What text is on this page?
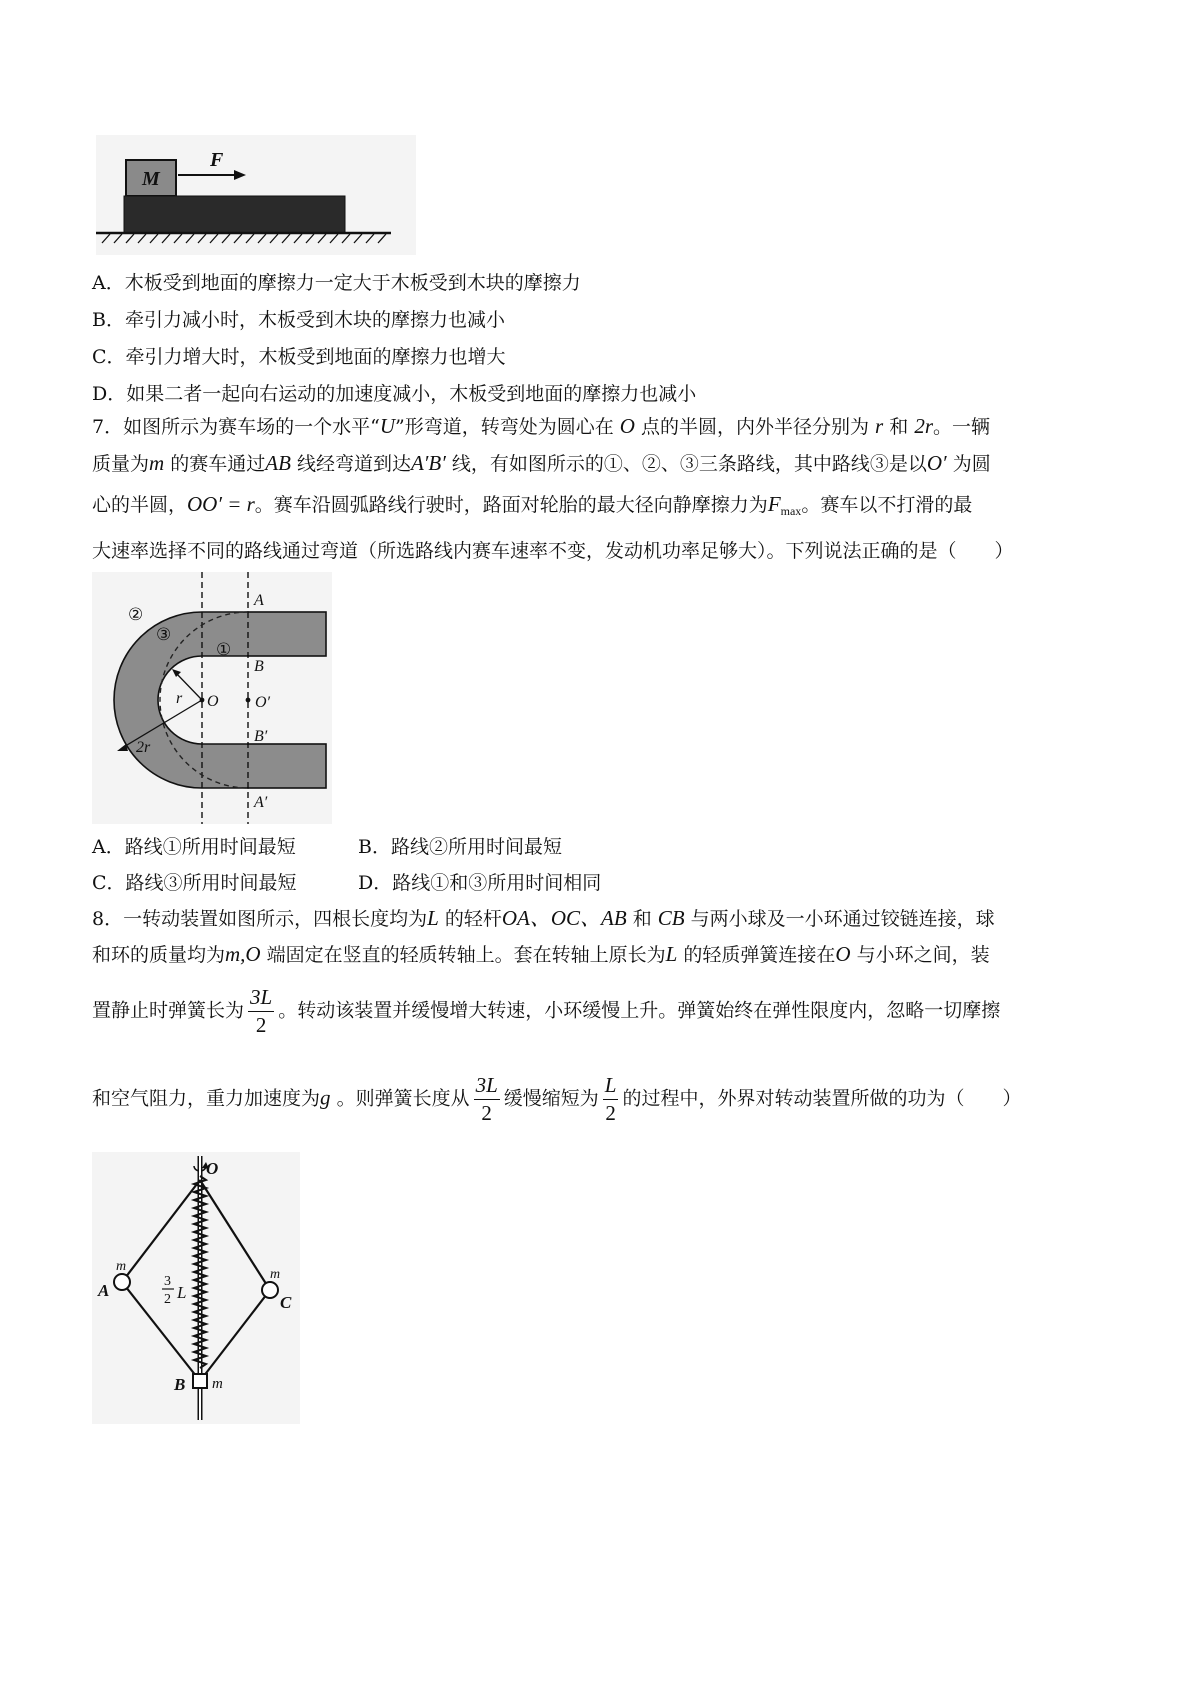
M
F
A．木板受到地面的摩擦力一定大于木板受到木块的摩擦力
B．牵引力减小时，木板受到木块的摩擦力也减小
C．牵引力增大时，木板受到地面的摩擦力也增大
D．如果二者一起向右运动的加速度减小，木板受到地面的摩擦力也减小
7．如图所示为赛车场的一个水平“U”形弯道，转弯处为圆心在 O 点的半圆，内外半径分别为 r 和 2r。一辆
质量为m 的赛车通过AB 线经弯道到达A′B′ 线，有如图所示的①、②、③三条路线，其中路线③是以O′ 为圆
心的半圆，OO′ = r。赛车沿圆弧路线行驶时，路面对轮胎的最大径向静摩擦力为$F_{max}$。赛车以不打滑的最
大速率选择不同的路线通过弯道（所选路线内赛车速率不变，发动机功率足够大）。下列说法正确的是（　　）
②
③
①
A
B
O O′
B′
A′
r
2r
A．路线①所用时间最短	B．路线②所用时间最短
C．路线③所用时间最短	D．路线①和③所用时间相同
8．一转动装置如图所示，四根长度均为L 的轻杆OA、OC、AB 和 CB 与两小球及一小环通过铰链连接，球
和环的质量均为m,O 端固定在竖直的轻质转轴上。套在转轴上原长为L 的轻质弹簧连接在O 与小环之间，装
置静止时弹簧长为 $\frac{3L}{2}$ 。转动该装置并缓慢增大转速，小环缓慢上升。弹簧始终在弹性限度内，忽略一切摩擦
和空气阻力，重力加速度为g 。则弹簧长度从 $\frac{3L}{2}$ 缓慢缩短为 $\frac{L}{2}$ 的过程中，外界对转动装置所做的功为（　　）
O
A
m
C
m
B m
3
2 L
